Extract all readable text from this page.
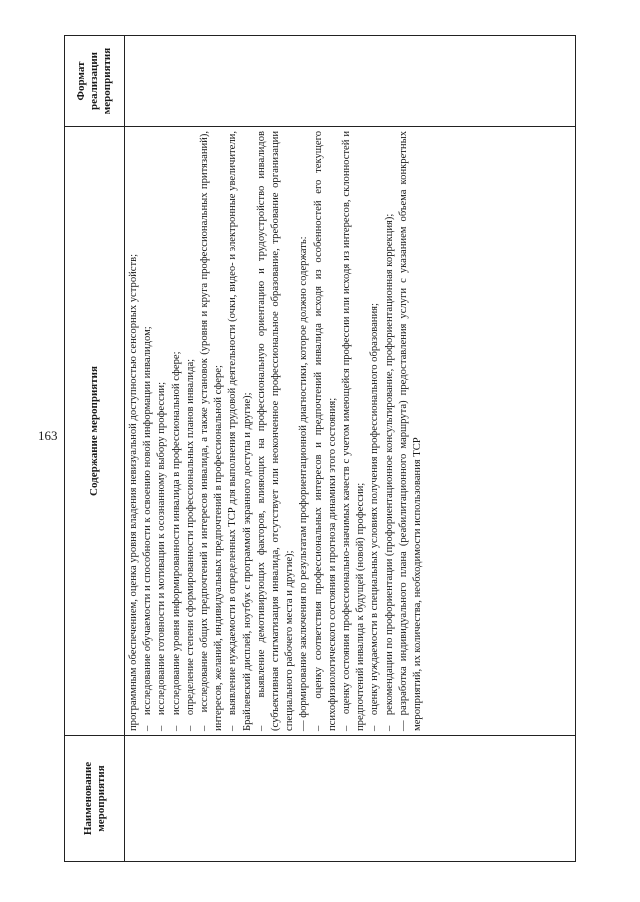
163
Наименование мероприятия
Содержание мероприятия
Формат реализации мероприятия

программным обеспечением, оценка уровня владения невизуальной доступностью сенсорных устройств; –    исследование обучаемости и способности к освоению новой информации инвалидом; –    исследование готовности и мотивации к осознанному выбору профессии; –    исследование уровня информированности инвалида в профессиональной сфере; –    определение степени сформированности профессиональных планов инвалида; –    исследование общих предпочтений и интересов инвалида, а также установок (уровня и круга профессиональных притязаний), интересов, желаний, индивидуальных предпочтений в профессиональной сфере; –    выявление нуждаемости в определенных ТСР для выполнения трудовой деятельности (очки, видео- и электронные увеличители, Брайлевский дисплей, ноутбук с программой экранного доступа и другие); –    выявление демотивирующих факторов, влияющих на профессиональную ориентацию и трудоустройство инвалидов (субъективная стигматизация инвалида, отсутствует или неоконченное профессиональное образование, требование организации специального рабочего места и другие); — формирование заключения по результатам профориентационной диагностики, которое должно содержать: –    оценку соответствия профессиональных интересов и предпочтений инвалида исходя из особенностей его текущего психофизиологического состояния и прогноза динамики этого состояния; –    оценку состояния профессионально-значимых качеств с учетом имеющейся профессии или исходя из интересов, склонностей и предпочтений инвалида к будущей (новой) профессии; –    оценку нуждаемости в специальных условиях получения профессионального образования; –    рекомендации по профориентации (профориентационное консультирование, профориентационная коррекция); — разработка индивидуального плана (реабилитационного маршрута) предоставления услуги с указанием объема конкретных мероприятий, их количества, необходимости использования ТСР
